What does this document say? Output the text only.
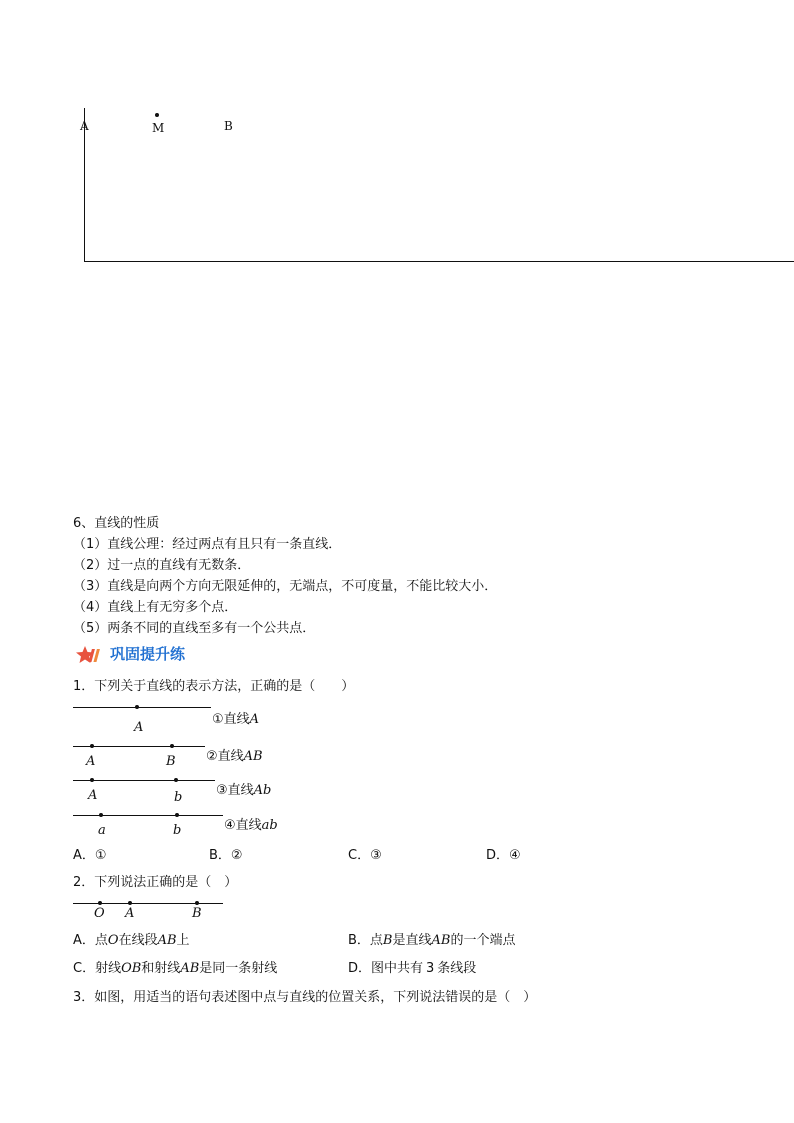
A	M	B
6、直线的性质
（1）直线公理：经过两点有且只有一条直线．
（2）过一点的直线有无数条．
（3）直线是向两个方向无限延伸的，无端点，不可度量，不能比较大小．
（4）直线上有无穷多个点．
（5）两条不同的直线至多有一个公共点．
巩固提升练
1．下列关于直线的表示方法，正确的是（　　）
A
①直线A
A	B ②直线AB
A	b	③直线Ab
a	b	④直线ab
A．①	B．②	C．③	D．④
2．下列说法正确的是（　）
O A	B
A．点O在线段AB上	B．点B是直线AB的一个端点
C．射线OB和射线AB是同一条射线	D．图中共有 3 条线段
3．如图，用适当的语句表述图中点与直线的位置关系，下列说法错误的是（　）
